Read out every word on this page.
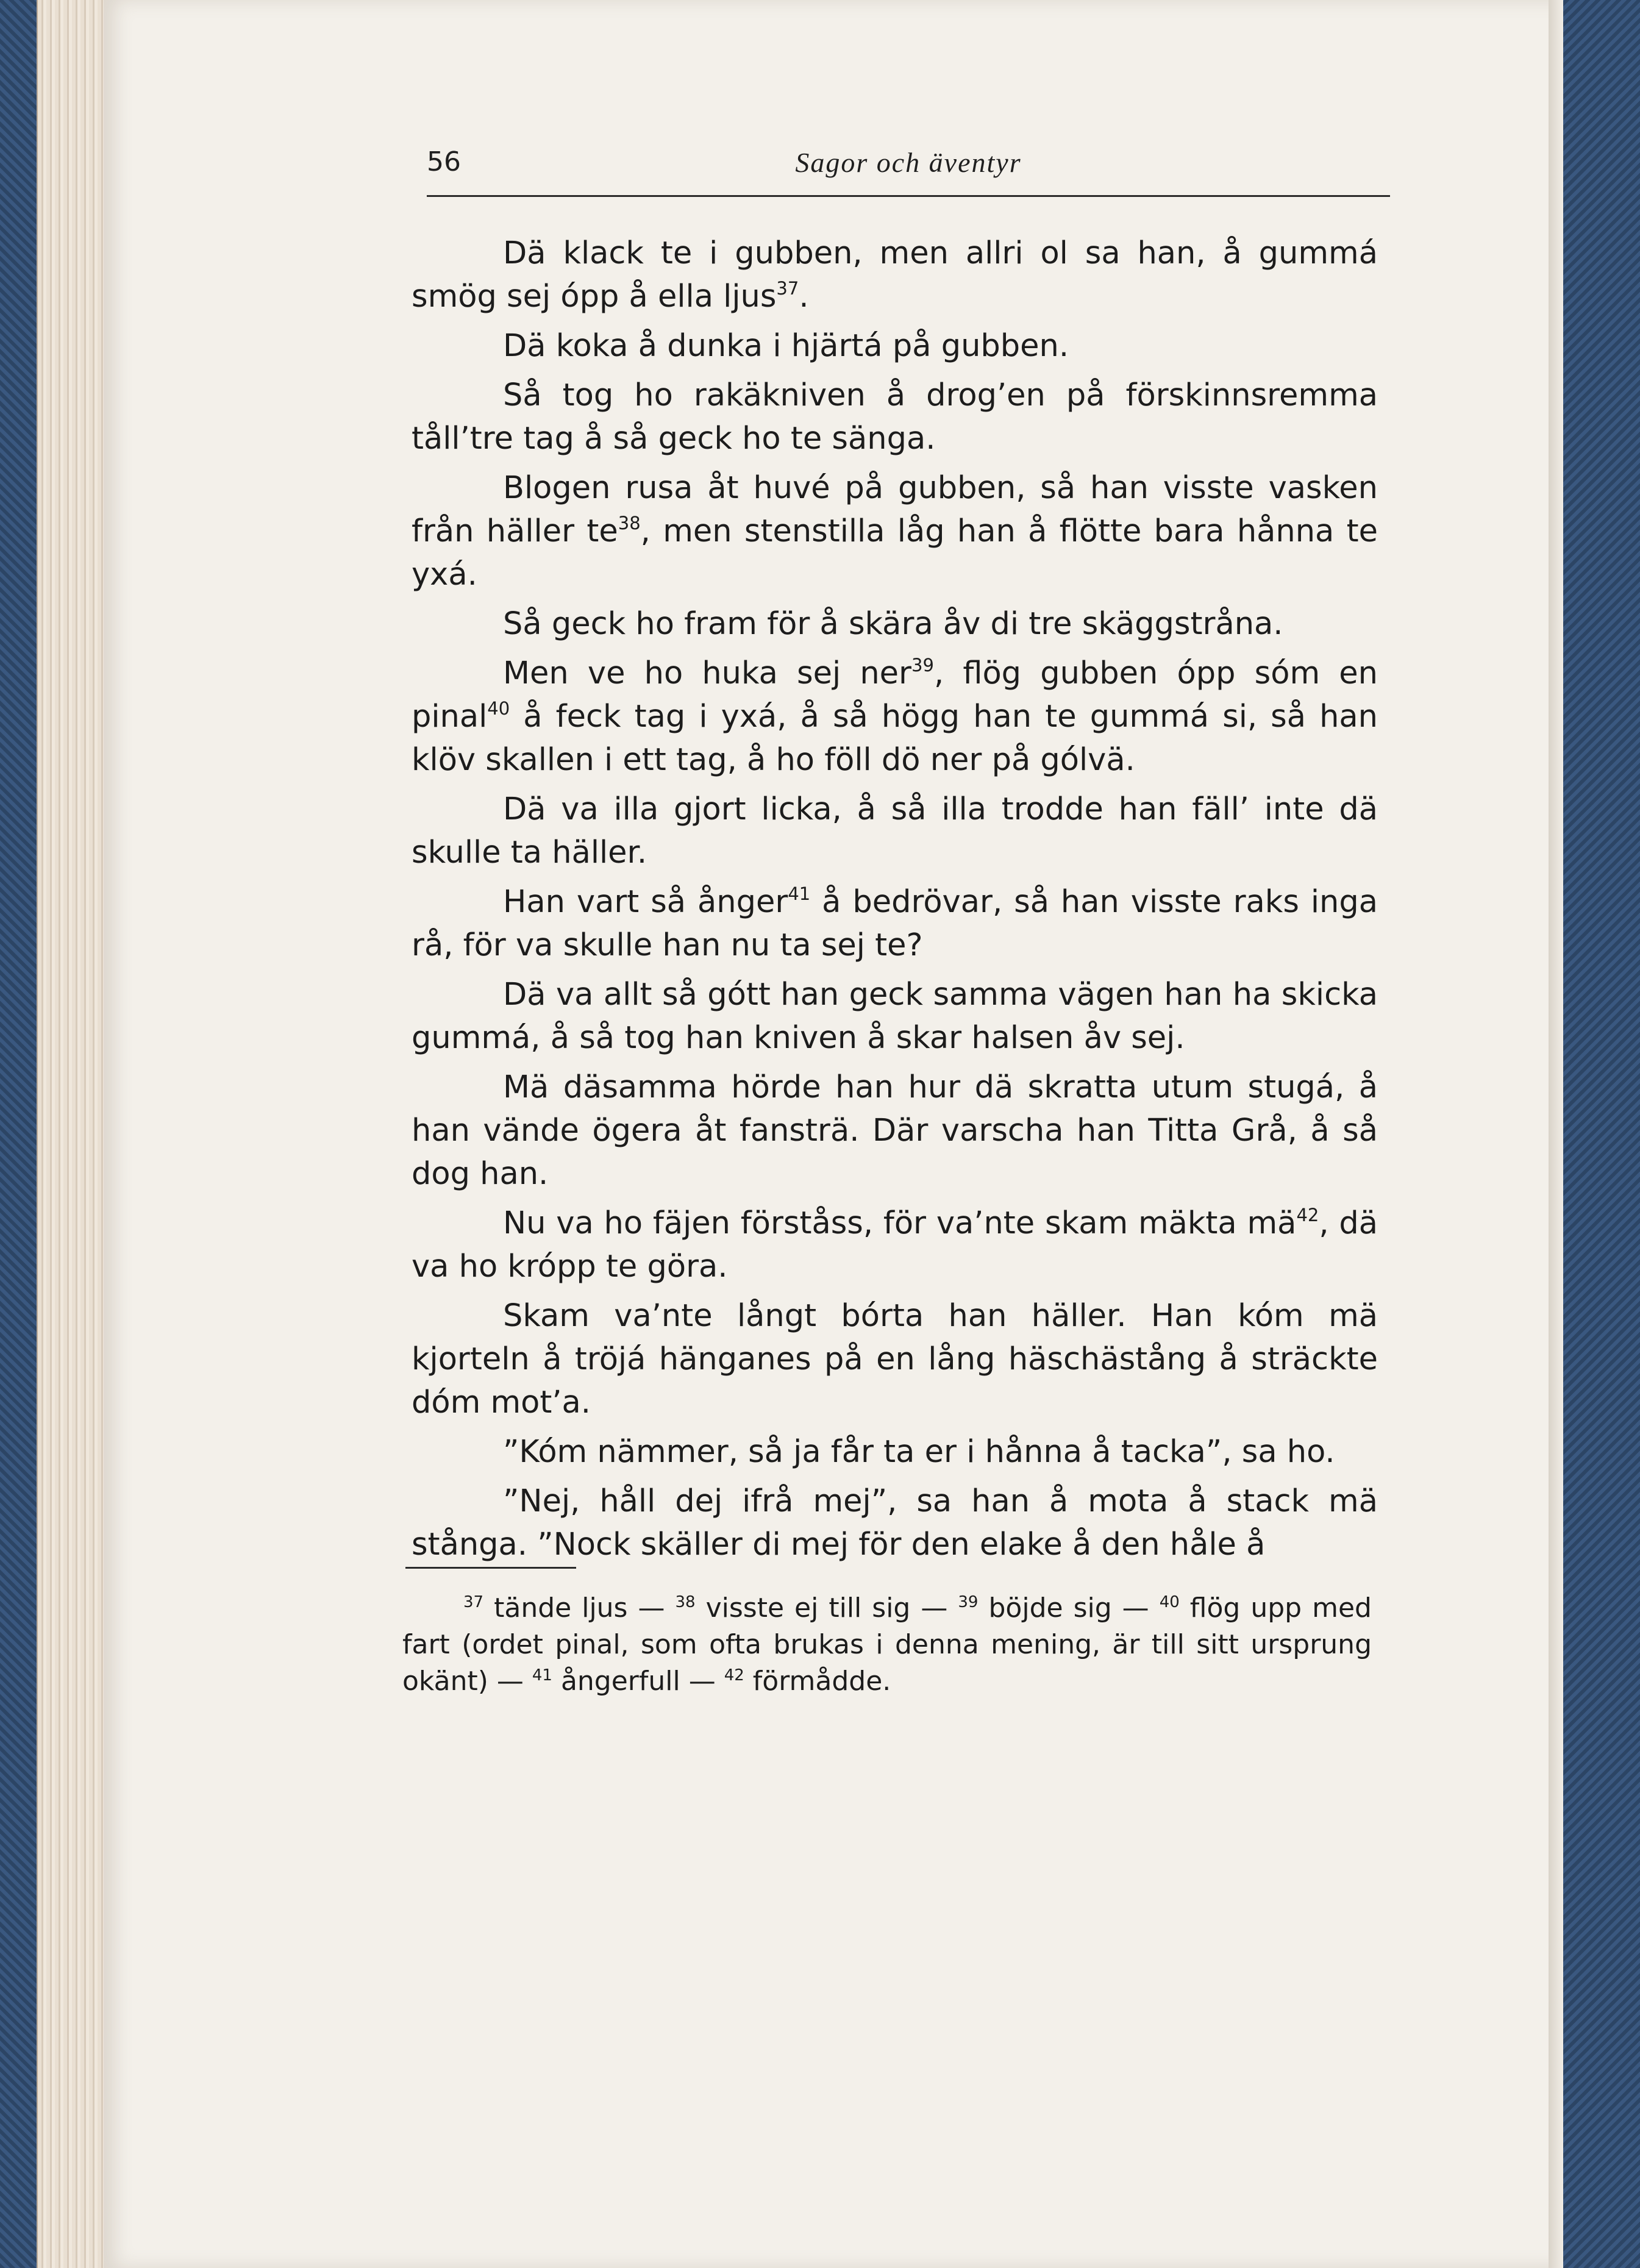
56	Sagor och äventyr

Dä klack te i gubben, men allri ol sa han, å gummá smög sej ópp å ella ljus$^{37}$.

Dä koka å dunka i hjärtá på gubben.

Så tog ho rakäkniven å drog’en på förskinnsremma tåll’tre tag å så geck ho te sänga.

Blogen rusa åt huvé på gubben, så han visste vasken från häller $te^{38}$, men stenstilla låg han å flötte bara hånna te yxá.

Så geck ho fram för å skära åv di tre skäggstråna.

Men ve ho huka sej ner$^{39}$, flög gubben ópp sóm en pinal$^{40}$ å feck tag i yxá, å så högg han te gummá si, så han klöv skallen i ett tag, å ho föll dö ner på gólvä.

Dä va illa gjort licka, å så illa trodde han fäll’ inte dä skulle ta häller.

Han vart så ånger$^{41}$ å bedrövar, så han visste raks inga rå, för va skulle han nu ta sej te?

Dä va allt så gótt han geck samma vägen han ha skicka gummá, å så tog han kniven å skar halsen åv sej.

Mä däsamma hörde han hur dä skratta utum stugá, å han vände ögera åt fansträ. Där varscha han Titta Grå, å så dog han.

Nu va ho fäjen förståss, för va’nte skam mäkta $mä^{42}$, dä va ho krópp te göra.

Skam va’nte långt bórta han häller. Han kóm mä kjorteln å tröjá hänganes på en lång häschästång å sträckte dóm mot’a.

”Kóm nämmer, så ja får ta er i hånna å tacka”, sa ho.

”Nej, håll dej ifrå mej”, sa han å mota å stack mä stånga. ”Nock skäller di mej för den elake å den håle å

$^{37}$ tände ljus — $^{38}$ visste ej till sig — $^{39}$ böjde sig — $^{40}$ flög upp med fart (ordet pinal, som ofta brukas i denna mening, är till sitt ursprung okänt) — $^{41}$ ångerfull — $^{42}$ förmådde.
